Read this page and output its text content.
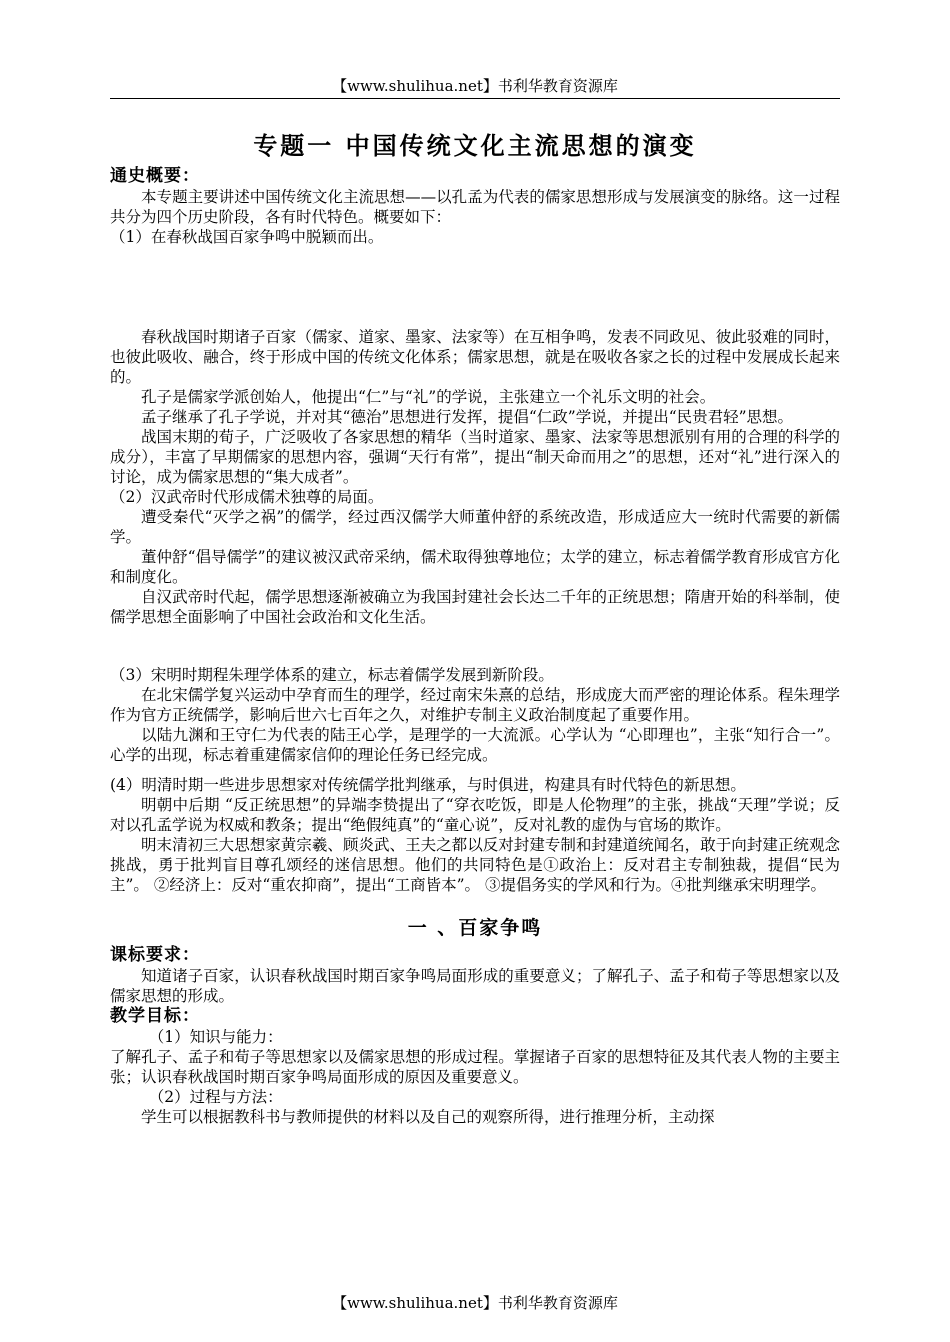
【www.shulihua.net】书利华教育资源库

专题一 中国传统文化主流思想的演变

通史概要：

本专题主要讲述中国传统文化主流思想——以孔孟为代表的儒家思想形成与发展演变的脉络。这一过程共分为四个历史阶段，各有时代特色。概要如下：

（1）在春秋战国百家争鸣中脱颖而出。

春秋战国时期诸子百家（儒家、道家、墨家、法家等）在互相争鸣，发表不同政见、彼此驳难的同时，也彼此吸收、融合，终于形成中国的传统文化体系；儒家思想，就是在吸收各家之长的过程中发展成长起来的。

孔子是儒家学派创始人，他提出“仁”与“礼”的学说，主张建立一个礼乐文明的社会。

孟子继承了孔子学说，并对其“德治”思想进行发挥，提倡“仁政”学说，并提出“民贵君轻”思想。

战国末期的荀子，广泛吸收了各家思想的精华（当时道家、墨家、法家等思想派别有用的合理的科学的成分），丰富了早期儒家的思想内容，强调“天行有常”，提出“制天命而用之”的思想，还对“礼”进行深入的讨论，成为儒家思想的“集大成者”。

（2）汉武帝时代形成儒术独尊的局面。

遭受秦代“灭学之祸”的儒学，经过西汉儒学大师董仲舒的系统改造，形成适应大一统时代需要的新儒学。

董仲舒“倡导儒学”的建议被汉武帝采纳，儒术取得独尊地位；太学的建立，标志着儒学教育形成官方化和制度化。

自汉武帝时代起，儒学思想逐渐被确立为我国封建社会长达二千年的正统思想；隋唐开始的科举制，使儒学思想全面影响了中国社会政治和文化生活。

（3）宋明时期程朱理学体系的建立，标志着儒学发展到新阶段。

在北宋儒学复兴运动中孕育而生的理学，经过南宋朱熹的总结，形成庞大而严密的理论体系。程朱理学作为官方正统儒学，影响后世六七百年之久，对维护专制主义政治制度起了重要作用。

以陆九渊和王守仁为代表的陆王心学，是理学的一大流派。心学认为 “心即理也”，主张“知行合一”。心学的出现，标志着重建儒家信仰的理论任务已经完成。

(4）明清时期一些进步思想家对传统儒学批判继承，与时俱进，构建具有时代特色的新思想。

明朝中后期 “反正统思想”的异端李贽提出了“穿衣吃饭，即是人伦物理”的主张，挑战“天理”学说；反对以孔孟学说为权威和教条；提出“绝假纯真”的“童心说”，反对礼教的虚伪与官场的欺诈。

明末清初三大思想家黄宗羲、顾炎武、王夫之都以反对封建专制和封建道统闻名，敢于向封建正统观念挑战，勇于批判盲目尊孔颂经的迷信思想。他们的共同特色是①政治上：反对君主专制独裁，提倡“民为主”。 ②经济上：反对“重农抑商”，提出“工商皆本”。 ③提倡务实的学风和行为。④批判继承宋明理学。

一 、百家争鸣

课标要求：

知道诸子百家，认识春秋战国时期百家争鸣局面形成的重要意义；了解孔子、孟子和荀子等思想家以及儒家思想的形成。

教学目标：

（1）知识与能力：

了解孔子、孟子和荀子等思想家以及儒家思想的形成过程。掌握诸子百家的思想特征及其代表人物的主要主张；认识春秋战国时期百家争鸣局面形成的原因及重要意义。

（2）过程与方法：

学生可以根据教科书与教师提供的材料以及自己的观察所得，进行推理分析，主动探

【www.shulihua.net】书利华教育资源库
